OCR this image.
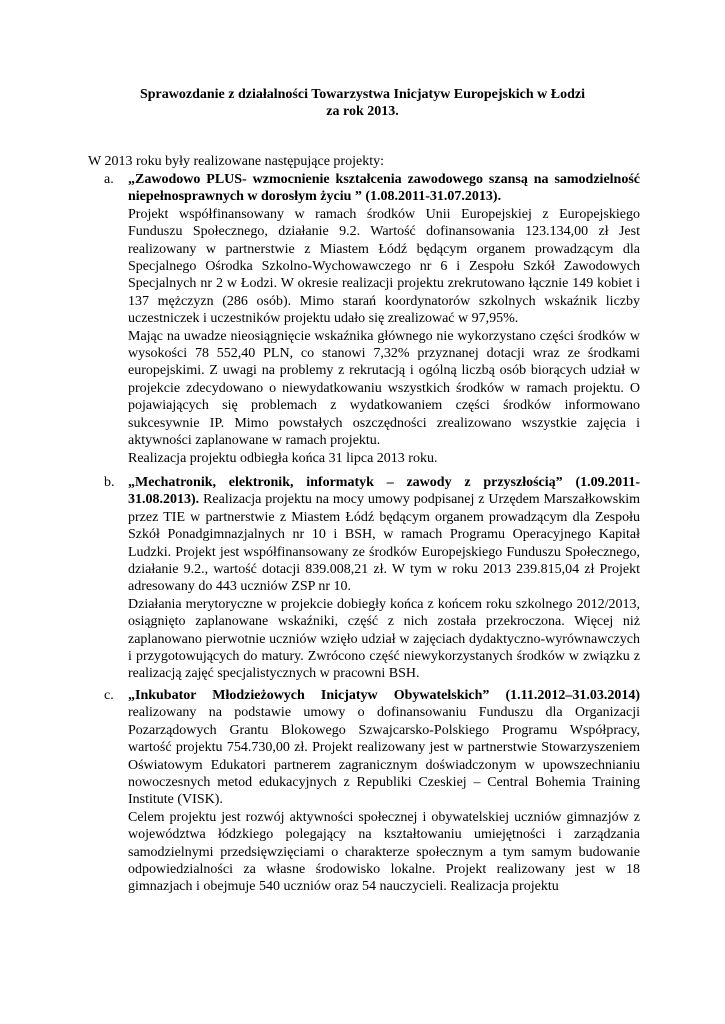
Sprawozdanie z działalności Towarzystwa Inicjatyw Europejskich w Łodzi
za rok 2013.
W 2013 roku były realizowane następujące projekty:
a. „Zawodowo PLUS- wzmocnienie kształcenia zawodowego szansą na samodzielność niepełnosprawnych w dorosłym życiu ” (1.08.2011-31.07.2013).

Projekt współfinansowany w ramach środków Unii Europejskiej z Europejskiego Funduszu Społecznego, działanie 9.2. Wartość dofinansowania 123.134,00 zł Jest realizowany w partnerstwie z Miastem Łódź będącym organem prowadzącym dla Specjalnego Ośrodka Szkolno-Wychowawczego nr 6 i Zespołu Szkół Zawodowych Specjalnych nr 2 w Łodzi. W okresie realizacji projektu zrekrutowano łącznie 149 kobiet i 137 mężczyzn (286 osób). Mimo starań koordynatorów szkolnych wskaźnik liczby uczestniczek i uczestników projektu udało się zrealizować w 97,95%.

Mając na uwadze nieosiągnięcie wskaźnika głównego nie wykorzystano części środków w wysokości 78 552,40 PLN, co stanowi 7,32% przyznanej dotacji wraz ze środkami europejskimi. Z uwagi na problemy z rekrutacją i ogólną liczbą osób biorących udział w projekcie zdecydowano o niewydatkowaniu wszystkich środków w ramach projektu. O pojawiających się problemach z wydatkowaniem części środków informowano sukcesywnie IP. Mimo powstałych oszczędności zrealizowano wszystkie zajęcia i aktywności zaplanowane w ramach projektu.

Realizacja projektu odbiegła końca 31 lipca 2013 roku.

b. „Mechatronik, elektronik, informatyk – zawody z przyszłością” (1.09.2011-31.08.2013). Realizacja projektu na mocy umowy podpisanej z Urzędem Marszałkowskim przez TIE w partnerstwie z Miastem Łódź będącym organem prowadzącym dla Zespołu Szkół Ponadgimnazjalnych nr 10 i BSH, w ramach Programu Operacyjnego Kapitał Ludzki. Projekt jest współfinansowany ze środków Europejskiego Funduszu Społecznego, działanie 9.2., wartość dotacji 839.008,21 zł. W tym w roku 2013 239.815,04 zł Projekt adresowany do 443 uczniów ZSP nr 10.

Działania merytoryczne w projekcie dobiegły końca z końcem roku szkolnego 2012/2013, osiągnięto zaplanowane wskaźniki, część z nich została przekroczona. Więcej niż zaplanowano pierwotnie uczniów wzięło udział w zajęciach dydaktyczno-wyrównawczych i przygotowujących do matury. Zwrócono część niewykorzystanych środków w związku z realizacją zajęć specjalistycznych w pracowni BSH.

c. „Inkubator Młodzieżowych Inicjatyw Obywatelskich” (1.11.2012–31.03.2014) realizowany na podstawie umowy o dofinansowaniu Funduszu dla Organizacji Pozarządowych Grantu Blokowego Szwajcarsko-Polskiego Programu Współpracy, wartość projektu 754.730,00 zł. Projekt realizowany jest w partnerstwie Stowarzyszeniem Oświatowym Edukatori partnerem zagranicznym doświadczonym w upowszechnianiu nowoczesnych metod edukacyjnych z Republiki Czeskiej – Central Bohemia Training Institute (VISK).

Celem projektu jest rozwój aktywności społecznej i obywatelskiej uczniów gimnazjów z województwa łódzkiego polegający na kształtowaniu umiejętności i zarządzania samodzielnymi przedsięwzięciami o charakterze społecznym a tym samym budowanie odpowiedzialności za własne środowisko lokalne. Projekt realizowany jest w 18 gimnazjach i obejmuje 540 uczniów oraz 54 nauczycieli. Realizacja projektu
